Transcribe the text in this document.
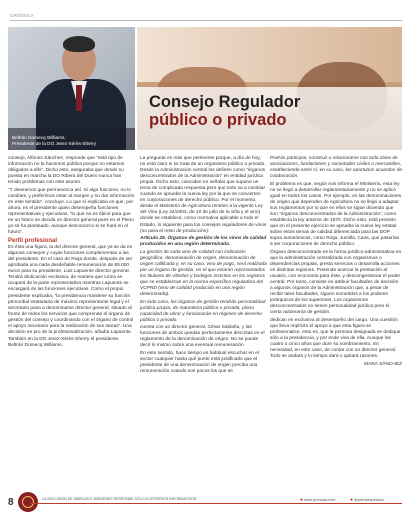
CRÓNICA
Beltrán Domecq Williams,
Presidente de la DO Jerez-Xérès-Sherry
Consejo Regulador
público o privado

consejo, Alfonso Sánchez, responde que “está tipo de información no la hacemos pública porque no estamos obligados a ello”. Dicho esto, aseguraba que desde su puesta en marcha la DO Ribera del Duero nunca han tenido problemas con este asunto.

“Y deseamos que permanezca así. Si algo funciona, no lo cambies, y preferimos estar al margen y no dar información en este sentido”, concluye. Lo que sí explicaba es que, por ahora, es el presidente quien desempeña funciones representativas y ejecutivas, “lo que no es óbice para que en un futuro se decida un director general pues en el Pleno ya se ha planteado, aunque desconozco si se hará en el futuro”.

Perfil profesional

Es ésta una figura, la del director general, que ya se da en algunos consejos y cuyas funciones complementan a las del presidente. En el caso de Rioja donde, después de ser aprobada una nada desdeñable remuneración de 85.000 euros para su presidente, Luis Lapuente director general. Tendrá dedicación exclusiva, de manera que Leiza se ocupará de la parte representativa mientras Lapuente se encargará de las funciones ejecutivas. Como el propio presidente explicaba, “la presidencia mantiene su función primordial estatutaria de máximo representante legal y el secretario pasa a denominarse director general, situado al frente de todos los servicios que comprende el órgano de gestión del consejo y coordinando con el órgano de control el apoyo necesario para la realización de sus tareas”. Una decisión en pro de la profesionalización, añadía Lapuente.

También en la DO Jerez-Xérès-Sherry el presidente, Beltrán Domecq Williams,

La pregunta es más que pertinente porque, a día de hoy, no está claro si se trata de un organismo público o privado. Desde la Administración central los definen como “órganos desconcentrados de la Administración” en entidad jurídica propia. Dicho esto, coinciden en señalar que supone un tema de complicada respuesta pero que todo va a cambiar cuando se apruebe la nueva ley por la que se convierten en corporaciones de derecho público. Por el momento, desde el Ministerio de Agricultura remiten a la vigente Ley del Vino (Ley 24/2003, de 10 de julio de la viña y el vino) donde se establece, como normativa aplicable a todo el Estado, lo siguiente para los consejos reguladores de vinos (no para el resto de producción):

Artículo 25. Órganos de gestión de los vinos de calidad producidos en una región determinada.

La gestión de cada vino de calidad con indicación geográfica, denominación de origen, denominación de origen calificada y, en su caso, vino de pago, será realizada por un órgano de gestión, en el que estarán representados los titulares de viñedos y bodegas inscritos en los registros que se establezcan en la norma específica reguladora del VCPRD (vino de calidad producido en una región determinada).

En todo caso, los órganos de gestión tendrán personalidad jurídica propia, de naturaleza pública o privada, plena capacidad de obrar y funcionarán en régimen de derecho público o privado.

cuenta con un director general, César Saldaña, y las funciones de ambos quedan perfectamente descritas en el reglamento de la denominación de origen. No se puede decir lo mismo sobre una eventual remuneración.

En este sentido, hace tiempo es habitual escuchar en el sector cualquier hasta qué punto está justificado que el presidente de una denominación de origen perciba una remuneración cuando son pocos los que se

Podrán participar, construir o relacionarse con toda clase de asociaciones, fundaciones y sociedades civiles o mercantiles, estableciendo entre sí, en su caso, los oportunos acuerdos de colaboración.

El problema es que, según nos informa el Ministerio, esta ley no se llegó a desarrollar reglamentariamente y no se aplicó igual en todos los casos. Por ejemplo, en las denominaciones de origen que dependen de Agricultura no se llegó a adaptar sus reglamentos por lo que en ellos se sigue diciendo que son “órganos desconcentrados de la Administración”, como establecía la ley anterior de 1970. Dicho esto, está previsto que en el presente ejercicio se apruebe la nueva ley estatal sobre estos temas de calidad diferenciada para las DOP supra autonómicas, como Rioja, Jumilla, Cava, que pasarían a ser corporaciones de derecho público.

Órgano desconcentrado es la forma jurídico-administrativa en que la administración centralizada con organismos o dependencias propias, presta servicios o desarrolla acciones en distintas regiones. Pretende acercar la prestación al usuario, con economía para éste, y descongestionar el poder central. Por tanto, consiste en atribuir facultades de decisión a algunos órganos de la Administración que, a pesar de recibir tales facultades, siguen sometidos a los poderes jerárquicos de los superiores. Los organismos desconcentrados no tienen personalidad jurídica pero sí cierta autonomía de gestión.

dedican en exclusiva al desempeño del cargo. Una cuestión que lleva implícito el apoyo a que esta figura se profesionalice, esto es, que la persona designada se dedique sólo a la presidencia, y por ende viva de ella. Aunque los cuatro o cinco años que dure su nombramiento, sin necesidad, en este caso, de contar con un director general. Todo se andará y lo tiempo dará o quitará razones.

MARA SÁNCHEZ
8	LA INCLUSIÓN DE MARCAS E IMÁGENES RESPONDE SÓLO A CRITERIOS INFORMATIVOS	●www.prensiss.com	●@prensaquintium
